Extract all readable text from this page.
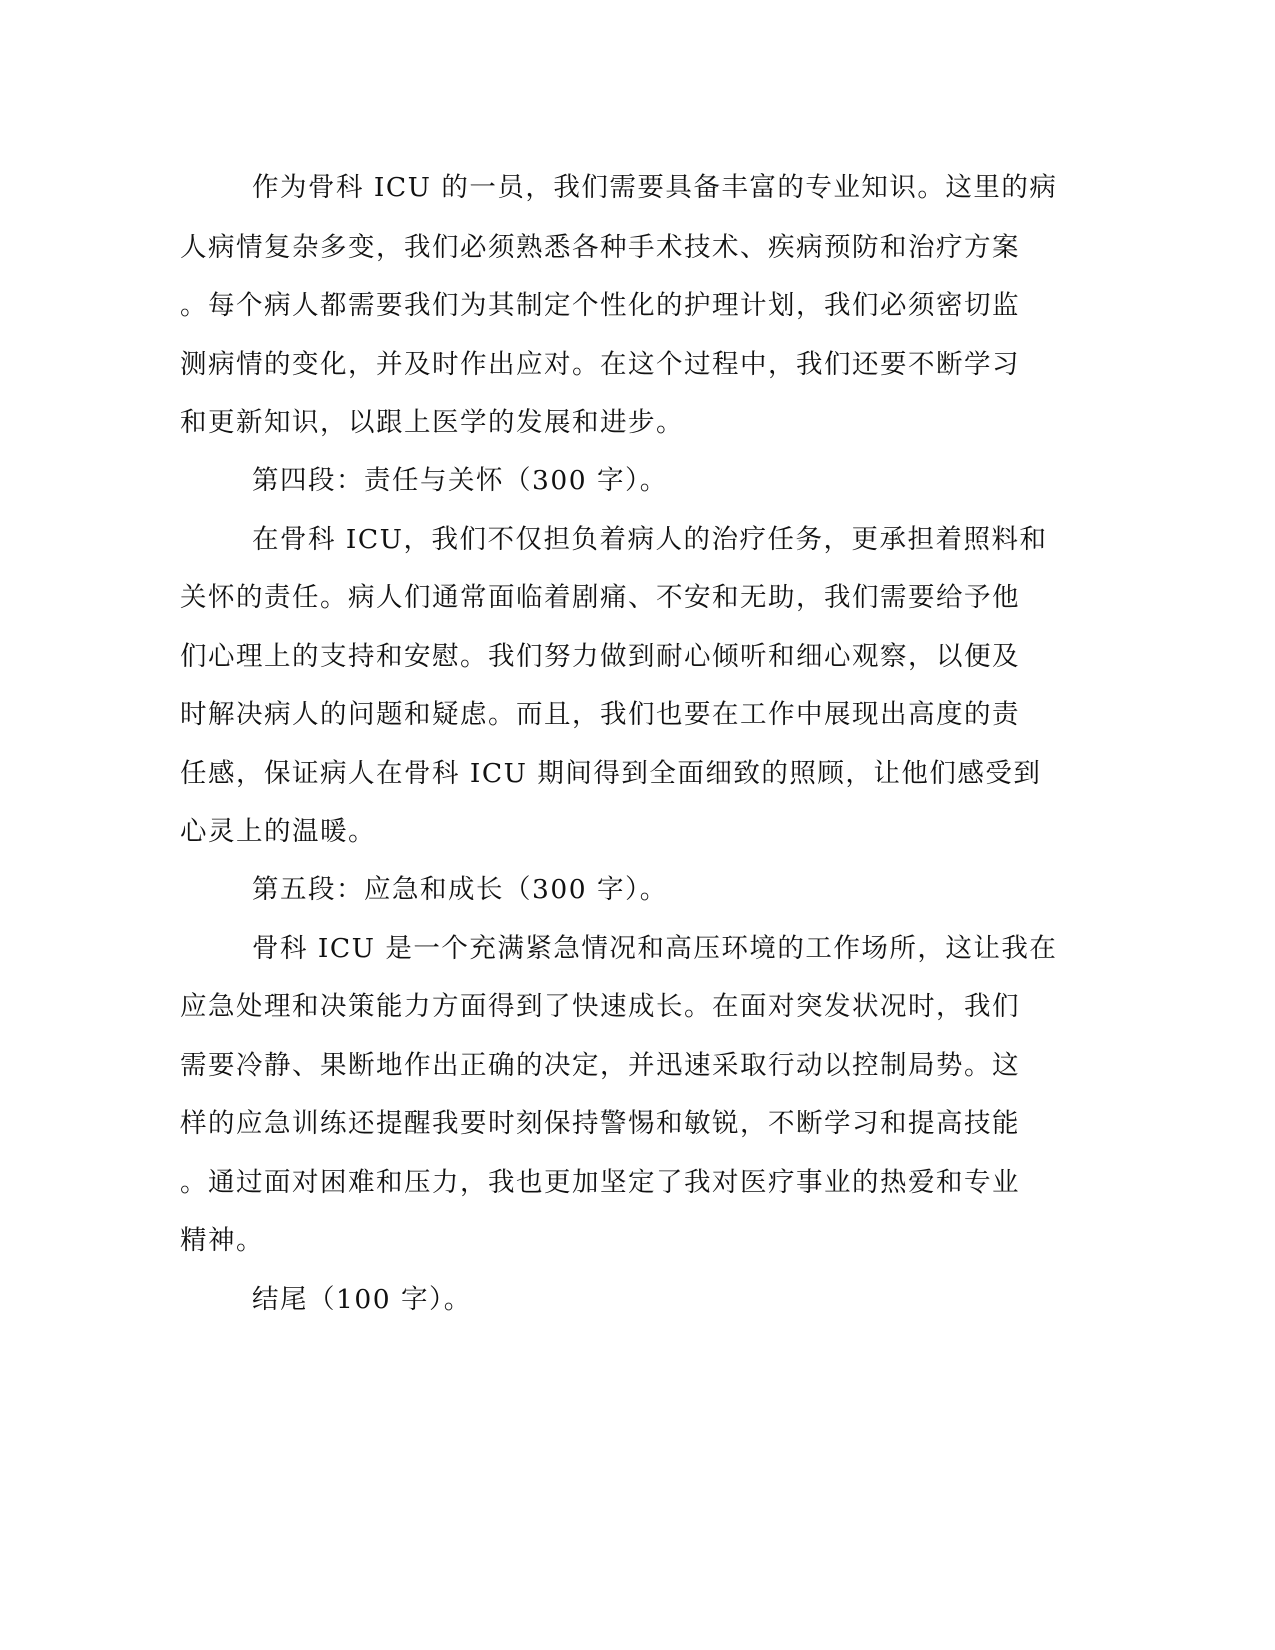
作为骨科 ICU 的一员，我们需要具备丰富的专业知识。这里的病

人病情复杂多变，我们必须熟悉各种手术技术、疾病预防和治疗方案

。每个病人都需要我们为其制定个性化的护理计划，我们必须密切监

测病情的变化，并及时作出应对。在这个过程中，我们还要不断学习

和更新知识，以跟上医学的发展和进步。

第四段：责任与关怀（300 字）。

在骨科 ICU，我们不仅担负着病人的治疗任务，更承担着照料和

关怀的责任。病人们通常面临着剧痛、不安和无助，我们需要给予他

们心理上的支持和安慰。我们努力做到耐心倾听和细心观察，以便及

时解决病人的问题和疑虑。而且，我们也要在工作中展现出高度的责

任感，保证病人在骨科 ICU 期间得到全面细致的照顾，让他们感受到

心灵上的温暖。

第五段：应急和成长（300 字）。

骨科 ICU 是一个充满紧急情况和高压环境的工作场所，这让我在

应急处理和决策能力方面得到了快速成长。在面对突发状况时，我们

需要冷静、果断地作出正确的决定，并迅速采取行动以控制局势。这

样的应急训练还提醒我要时刻保持警惕和敏锐，不断学习和提高技能

。通过面对困难和压力，我也更加坚定了我对医疗事业的热爱和专业

精神。

结尾（100 字）。
